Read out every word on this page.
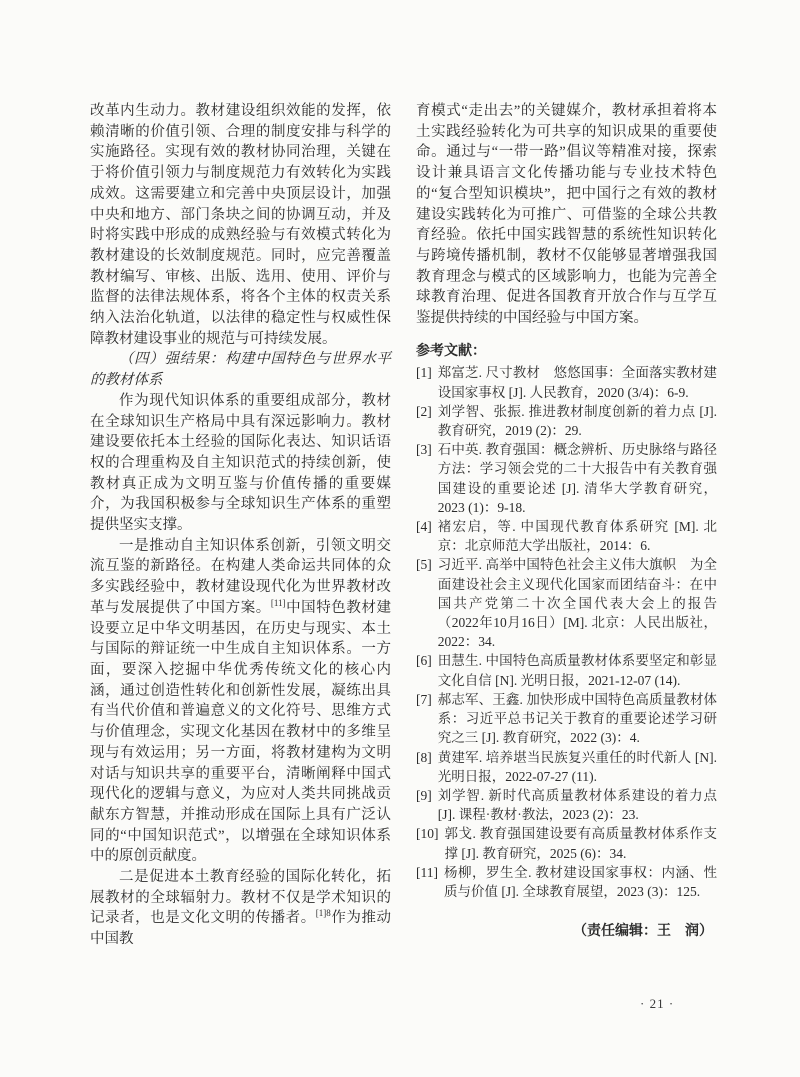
改革内生动力。教材建设组织效能的发挥，依赖清晰的价值引领、合理的制度安排与科学的实施路径。实现有效的教材协同治理，关键在于将价值引领力与制度规范力有效转化为实践成效。这需要建立和完善中央顶层设计，加强中央和地方、部门条块之间的协调互动，并及时将实践中形成的成熟经验与有效模式转化为教材建设的长效制度规范。同时，应完善覆盖教材编写、审核、出版、选用、使用、评价与监督的法律法规体系，将各个主体的权责关系纳入法治化轨道，以法律的稳定性与权威性保障教材建设事业的规范与可持续发展。

（四）强结果：构建中国特色与世界水平的教材体系

作为现代知识体系的重要组成部分，教材在全球知识生产格局中具有深远影响力。教材建设要依托本土经验的国际化表达、知识话语权的合理重构及自主知识范式的持续创新，使教材真正成为文明互鉴与价值传播的重要媒介，为我国积极参与全球知识生产体系的重塑提供坚实支撑。

一是推动自主知识体系创新，引领文明交流互鉴的新路径。在构建人类命运共同体的众多实践经验中，教材建设现代化为世界教材改革与发展提供了中国方案。[11]中国特色教材建设要立足中华文明基因，在历史与现实、本土与国际的辩证统一中生成自主知识体系。一方面，要深入挖掘中华优秀传统文化的核心内涵，通过创造性转化和创新性发展，凝练出具有当代价值和普遍意义的文化符号、思维方式与价值理念，实现文化基因在教材中的多维呈现与有效运用；另一方面，将教材建构为文明对话与知识共享的重要平台，清晰阐释中国式现代化的逻辑与意义，为应对人类共同挑战贡献东方智慧，并推动形成在国际上具有广泛认同的“中国知识范式”，以增强在全球知识体系中的原创贡献度。

二是促进本土教育经验的国际化转化，拓展教材的全球辐射力。教材不仅是学术知识的记录者，也是文化文明的传播者。$^{[1]8}$作为推动中国教

育模式“走出去”的关键媒介，教材承担着将本土实践经验转化为可共享的知识成果的重要使命。通过与“一带一路”倡议等精准对接，探索设计兼具语言文化传播功能与专业技术特色的“复合型知识模块”，把中国行之有效的教材建设实践转化为可推广、可借鉴的全球公共教育经验。依托中国实践智慧的系统性知识转化与跨境传播机制，教材不仅能够显著增强我国教育理念与模式的区域影响力，也能为完善全球教育治理、促进各国教育开放合作与互学互鉴提供持续的中国经验与中国方案。

参考文献：

[1] 郑富芝. 尺寸教材　悠悠国事：全面落实教材建设国家事权 [J]. 人民教育，2020 (3/4)：6-9.
[2] 刘学智、张振. 推进教材制度创新的着力点 [J]. 教育研究，2019 (2)：29.
[3] 石中英. 教育强国：概念辨析、历史脉络与路径方法：学习领会党的二十大报告中有关教育强国建设的重要论述 [J]. 清华大学教育研究，2023 (1)：9-18.
[4] 褚宏启，等. 中国现代教育体系研究 [M]. 北京：北京师范大学出版社，2014：6.
[5] 习近平. 高举中国特色社会主义伟大旗帜　为全面建设社会主义现代化国家而团结奋斗：在中国共产党第二十次全国代表大会上的报告（2022年10月16日）[M]. 北京：人民出版社，2022：34.
[6] 田慧生. 中国特色高质量教材体系要坚定和彰显文化自信 [N]. 光明日报，2021-12-07 (14).
[7] 郝志军、王鑫. 加快形成中国特色高质量教材体系：习近平总书记关于教育的重要论述学习研究之三 [J]. 教育研究，2022 (3)：4.
[8] 黄建军. 培养堪当民族复兴重任的时代新人 [N]. 光明日报，2022-07-27 (11).
[9] 刘学智. 新时代高质量教材体系建设的着力点 [J]. 课程·教材·教法，2023 (2)：23.
[10] 郭戈. 教育强国建设要有高质量教材体系作支撑 [J]. 教育研究，2025 (6)：34.
[11] 杨柳，罗生全. 教材建设国家事权：内涵、性质与价值 [J]. 全球教育展望，2023 (3)：125.

（责任编辑：王　润）

· 21 ·
